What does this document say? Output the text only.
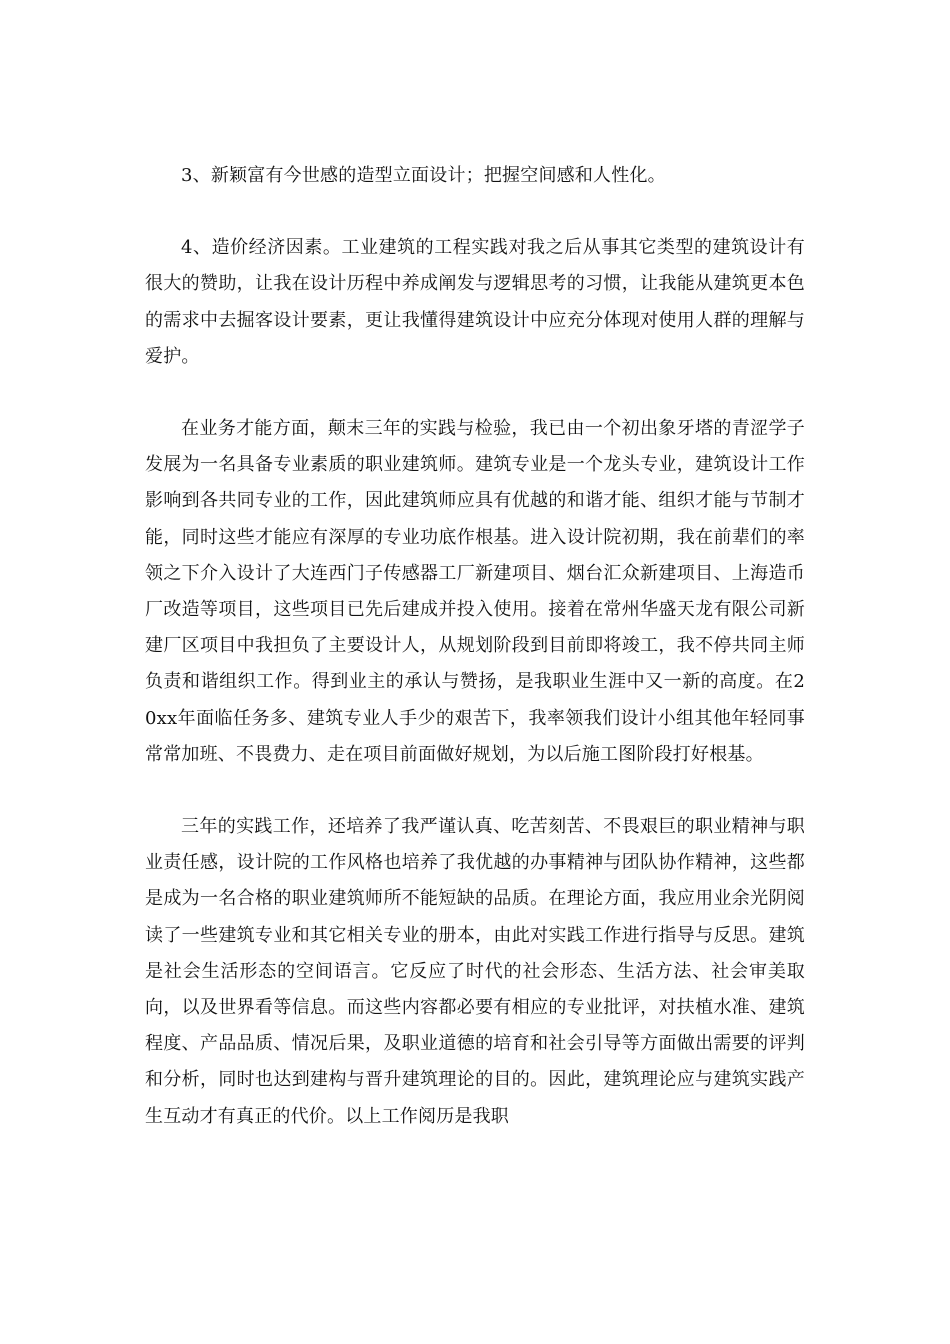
3、新颖富有今世感的造型立面设计；把握空间感和人性化。

4、造价经济因素。工业建筑的工程实践对我之后从事其它类型的建筑设计有很大的赞助，让我在设计历程中养成阐发与逻辑思考的习惯，让我能从建筑更本色的需求中去掘客设计要素，更让我懂得建筑设计中应充分体现对使用人群的理解与爱护。

在业务才能方面，颠末三年的实践与检验，我已由一个初出象牙塔的青涩学子发展为一名具备专业素质的职业建筑师。建筑专业是一个龙头专业，建筑设计工作影响到各共同专业的工作，因此建筑师应具有优越的和谐才能、组织才能与节制才能，同时这些才能应有深厚的专业功底作根基。进入设计院初期，我在前辈们的率领之下介入设计了大连西门子传感器工厂新建项目、烟台汇众新建项目、上海造币厂改造等项目，这些项目已先后建成并投入使用。接着在常州华盛天龙有限公司新建厂区项目中我担负了主要设计人，从规划阶段到目前即将竣工，我不停共同主师负责和谐组织工作。得到业主的承认与赞扬，是我职业生涯中又一新的高度。在20xx年面临任务多、建筑专业人手少的艰苦下，我率领我们设计小组其他年轻同事常常加班、不畏费力、走在项目前面做好规划，为以后施工图阶段打好根基。

三年的实践工作，还培养了我严谨认真、吃苦刻苦、不畏艰巨的职业精神与职业责任感，设计院的工作风格也培养了我优越的办事精神与团队协作精神，这些都是成为一名合格的职业建筑师所不能短缺的品质。在理论方面，我应用业余光阴阅读了一些建筑专业和其它相关专业的册本，由此对实践工作进行指导与反思。建筑是社会生活形态的空间语言。它反应了时代的社会形态、生活方法、社会审美取向，以及世界看等信息。而这些内容都必要有相应的专业批评，对扶植水准、建筑程度、产品品质、情况后果，及职业道德的培育和社会引导等方面做出需要的评判和分析，同时也达到建构与晋升建筑理论的目的。因此，建筑理论应与建筑实践产生互动才有真正的代价。以上工作阅历是我职
